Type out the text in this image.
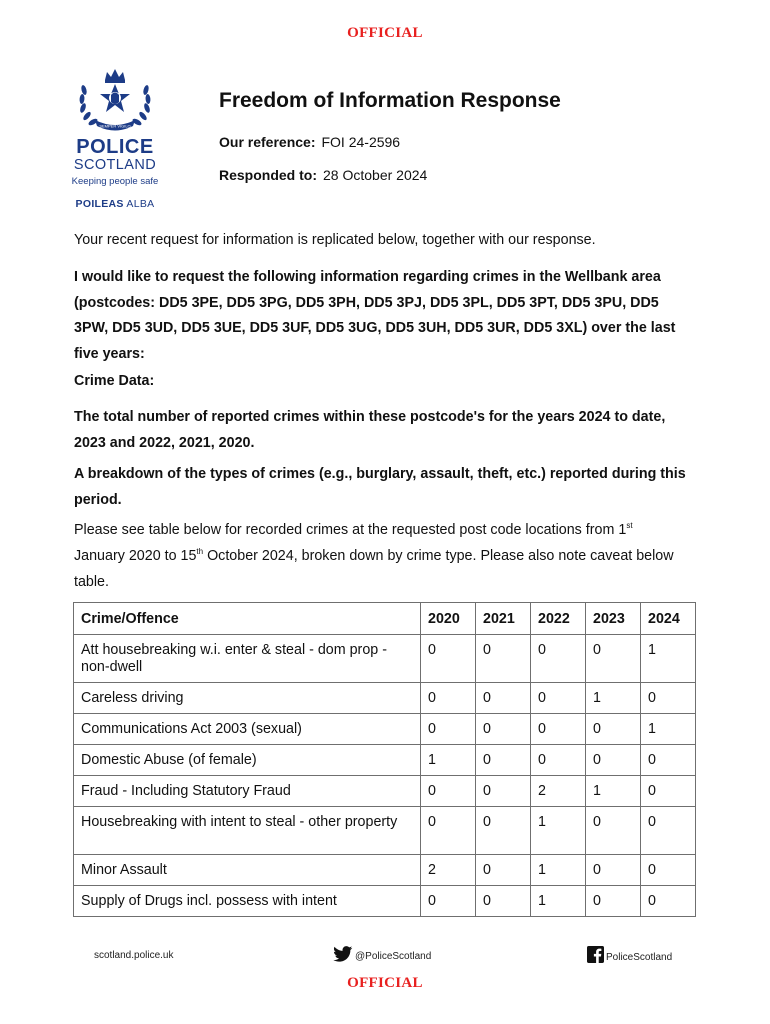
OFFICIAL
SEMPER VIGILO
POLICE
SCOTLAND
Keeping people safe
POILEAS ALBA
Freedom of Information Response
Our reference: FOI 24-2596
Responded to: 28 October 2024
Your recent request for information is replicated below, together with our response.
I would like to request the following information regarding crimes in the Wellbank area (postcodes: DD5 3PE, DD5 3PG, DD5 3PH, DD5 3PJ, DD5 3PL, DD5 3PT, DD5 3PU, DD5 3PW, DD5 3UD, DD5 3UE, DD5 3UF, DD5 3UG, DD5 3UH, DD5 3UR, DD5 3XL) over the last five years:
Crime Data:
The total number of reported crimes within these postcode's for the years 2024 to date, 2023 and 2022, 2021, 2020.
A breakdown of the types of crimes (e.g., burglary, assault, theft, etc.) reported during this period.
Please see table below for recorded crimes at the requested post code locations from 1st
January 2020 to 15th October 2024, broken down by crime type. Please also note caveat below table.
Crime/Offence	2020	2021	2022	2023	2024
Att housebreaking w.i. enter & steal - dom prop - non-dwell	0	0	0	0	1
Careless driving	0	0	0	1	0
Communications Act 2003 (sexual)	0	0	0	0	1
Domestic Abuse (of female)	1	0	0	0	0
Fraud - Including Statutory Fraud	0	0	2	1	0
Housebreaking with intent to steal - other property	0	0	1	0	0
Minor Assault	2	0	1	0	0
Supply of Drugs incl. possess with intent	0	0	1	0	0
scotland.police.uk	@PoliceScotland	PoliceScotland
OFFICIAL
